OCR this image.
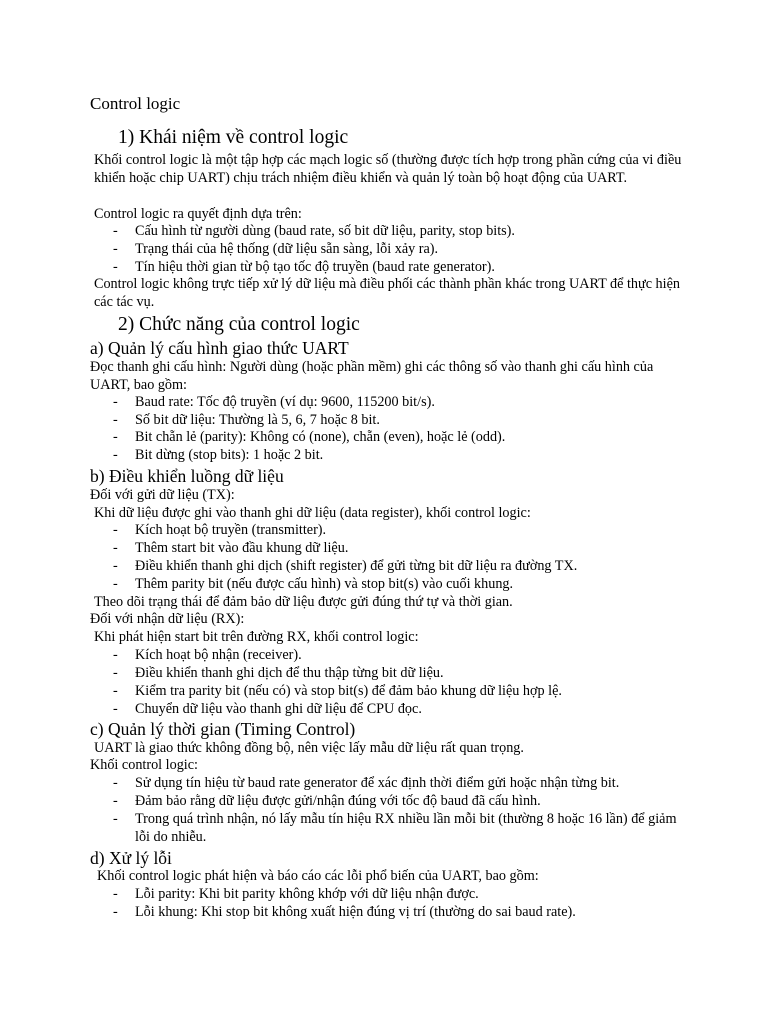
Control logic
1) Khái niệm về control logic
Khối control logic là một tập hợp các mạch logic số (thường được tích hợp trong phần cứng của vi điều khiển hoặc chip UART) chịu trách nhiệm điều khiển và quản lý toàn bộ hoạt động của UART.
Control logic ra quyết định dựa trên:
- Cấu hình từ người dùng (baud rate, số bit dữ liệu, parity, stop bits).
- Trạng thái của hệ thống (dữ liệu sẵn sàng, lỗi xảy ra).
- Tín hiệu thời gian từ bộ tạo tốc độ truyền (baud rate generator).
Control logic không trực tiếp xử lý dữ liệu mà điều phối các thành phần khác trong UART để thực hiện các tác vụ.
2) Chức năng của control logic
a) Quản lý cấu hình giao thức UART
Đọc thanh ghi cấu hình: Người dùng (hoặc phần mềm) ghi các thông số vào thanh ghi cấu hình của UART, bao gồm:
- Baud rate: Tốc độ truyền (ví dụ: 9600, 115200 bit/s).
- Số bit dữ liệu: Thường là 5, 6, 7 hoặc 8 bit.
- Bit chẵn lẻ (parity): Không có (none), chẵn (even), hoặc lẻ (odd).
- Bit dừng (stop bits): 1 hoặc 2 bit.
b) Điều khiển luồng dữ liệu
Đối với gửi dữ liệu (TX):
Khi dữ liệu được ghi vào thanh ghi dữ liệu (data register), khối control logic:
- Kích hoạt bộ truyền (transmitter).
- Thêm start bit vào đầu khung dữ liệu.
- Điều khiển thanh ghi dịch (shift register) để gửi từng bit dữ liệu ra đường TX.
- Thêm parity bit (nếu được cấu hình) và stop bit(s) vào cuối khung.
Theo dõi trạng thái để đảm bảo dữ liệu được gửi đúng thứ tự và thời gian.
Đối với nhận dữ liệu (RX):
Khi phát hiện start bit trên đường RX, khối control logic:
- Kích hoạt bộ nhận (receiver).
- Điều khiển thanh ghi dịch để thu thập từng bit dữ liệu.
- Kiểm tra parity bit (nếu có) và stop bit(s) để đảm bảo khung dữ liệu hợp lệ.
- Chuyển dữ liệu vào thanh ghi dữ liệu để CPU đọc.
c) Quản lý thời gian (Timing Control)
UART là giao thức không đồng bộ, nên việc lấy mẫu dữ liệu rất quan trọng.
Khối control logic:
- Sử dụng tín hiệu từ baud rate generator để xác định thời điểm gửi hoặc nhận từng bit.
- Đảm bảo rằng dữ liệu được gửi/nhận đúng với tốc độ baud đã cấu hình.
- Trong quá trình nhận, nó lấy mẫu tín hiệu RX nhiều lần mỗi bit (thường 8 hoặc 16 lần) để giảm lỗi do nhiễu.
d) Xử lý lỗi
Khối control logic phát hiện và báo cáo các lỗi phổ biến của UART, bao gồm:
- Lỗi parity: Khi bit parity không khớp với dữ liệu nhận được.
- Lỗi khung: Khi stop bit không xuất hiện đúng vị trí (thường do sai baud rate).
